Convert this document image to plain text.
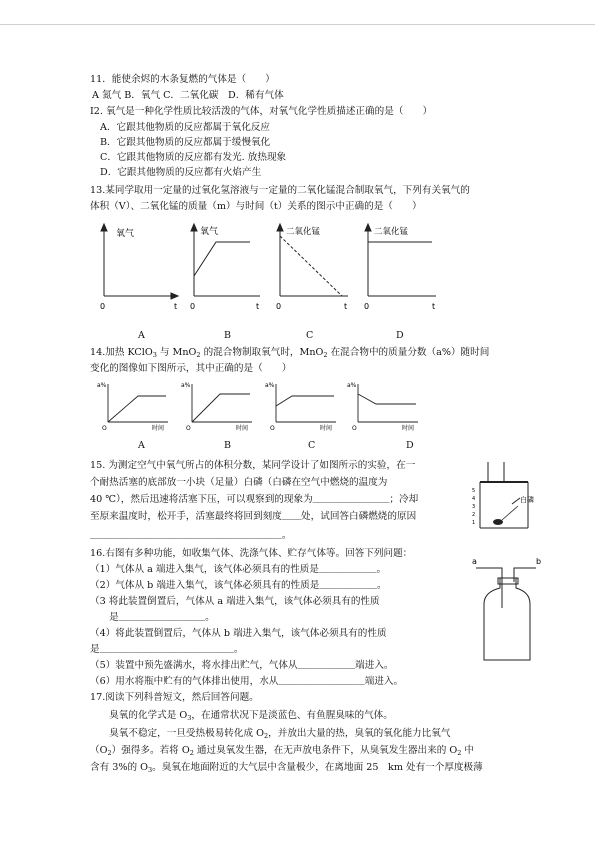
11．能使余烬的木条复燃的气体是（　　）
A 氮气 B．氧气 C．二氧化碳　D．稀有气体
I2. 氧气是一种化学性质比较活泼的气体，对氧气化学性质描述正确的是（　　）
A．它跟其他物质的反应都属于氧化反应
B．它跟其他物质的反应都属于缓慢氧化
C．它跟其他物质的反应都有发光. 放热现象
D．它跟其他物质的反应都有火焰产生
13.某同学取用一定量的过氧化氢溶液与一定量的二氧化锰混合制取氧气，下列有关氧气的
体积（V）、二氧化锰的质量（m）与时间（t）关系的图示中正确的是（　　）
氧气
0	t
氧气
0	t
二氧化锰
0	t
二氧化锰
0	t
A	B	C	D
14.加热 KClO$_3$ 与 MnO$_2$ 的混合物制取氧气时，MnO$_2$ 在混合物中的质量分数（a%）随时间
变化的图像如下图所示，其中正确的是（　　）
a%
O	时间
a%
O	时间
a%
O	时间
a%
O	时间
A	B	C	D
15. 为测定空气中氧气所占的体积分数，某同学设计了如图所示的实验，在一
个耐热活塞的底部放一小块（足量）白磷（白磷在空气中燃烧的温度为
40 ℃），然后迅速将活塞下压，可以观察到的现象为＿＿＿＿＿＿＿＿；冷却
至原来温度时，松开手，活塞最终将回到刻度＿＿处，试回答白磷燃烧的原因
＿＿＿＿＿＿＿＿＿＿＿＿＿＿＿＿＿＿＿＿。
白磷
5
4
3
2
1
16.右图有多种功能，如收集气体、洗涤气体、贮存气体等。回答下列问题：
（1）气体从 a 端进入集气，该气体必须具有的性质是＿＿＿＿＿＿。
（2）气体从 b 端进入集气，该气体必须具有的性质是＿＿＿＿＿＿。
（3 将此装置倒置后，气体从 a 端进入集气，该气体必须具有的性质
　　是＿＿＿＿＿＿＿＿＿。
（4）将此装置倒置后，气体从 b 端进入集气，该气体必须具有的性质
是＿＿＿＿＿＿＿＿＿＿＿＿＿＿。
（5）装置中预先盛满水，将水排出贮气，气体从＿＿＿＿＿＿端进入。
（6）用水将瓶中贮有的气体排出使用，水从＿＿＿＿＿＿＿＿＿端进入。
a	b
17.阅读下列科普短文，然后回答问题。
　　臭氧的化学式是 $O_3$，在通常状况下是淡蓝色、有鱼腥臭味的气体。
　　臭氧不稳定，一旦受热极易转化成 $O_2$，并放出大量的热，臭氧的氧化能力比氧气
$(O_2)$强得多。若将 $O_2$ 通过臭氧发生器，在无声放电条件下，从臭氧发生器出来的 $O_2$ 中
含有 3%的 $O_3$。臭氧在地面附近的大气层中含量极少，在离地面 25　km 处有一个厚度极薄
